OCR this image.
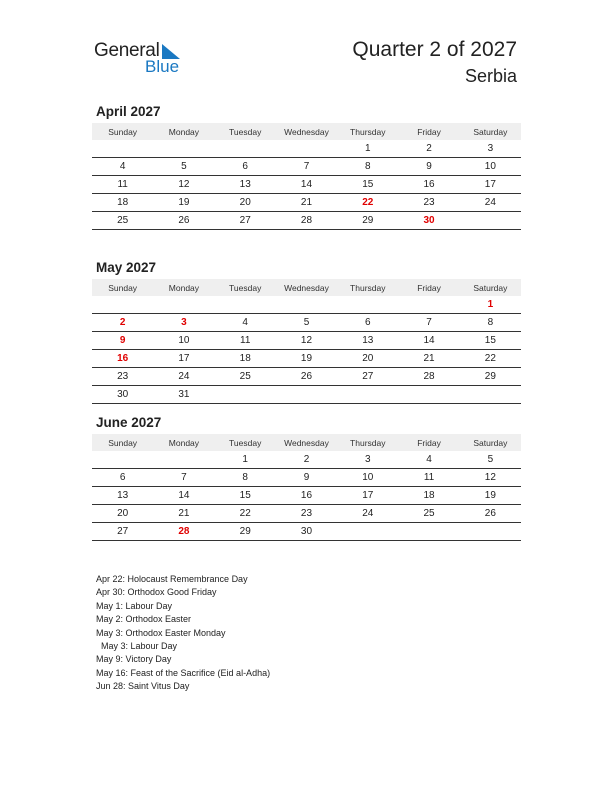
General
Blue
Quarter 2 of 2027
Serbia
April 2027
Sunday	Monday	Tuesday	Wednesday	Thursday	Friday	Saturday
				1	2	3
4	5	6	7	8	9	10
11	12	13	14	15	16	17
18	19	20	21	22	23	24
25	26	27	28	29	30	
May 2027
Sunday	Monday	Tuesday	Wednesday	Thursday	Friday	Saturday
						1
2	3	4	5	6	7	8
9	10	11	12	13	14	15
16	17	18	19	20	21	22
23	24	25	26	27	28	29
30	31					
June 2027
Sunday	Monday	Tuesday	Wednesday	Thursday	Friday	Saturday
		1	2	3	4	5
6	7	8	9	10	11	12
13	14	15	16	17	18	19
20	21	22	23	24	25	26
27	28	29	30			
Apr 22: Holocaust Remembrance Day
Apr 30: Orthodox Good Friday
May 1: Labour Day
May 2: Orthodox Easter
May 3: Orthodox Easter Monday
May 3: Labour Day
May 9: Victory Day
May 16: Feast of the Sacrifice (Eid al-Adha)
Jun 28: Saint Vitus Day
